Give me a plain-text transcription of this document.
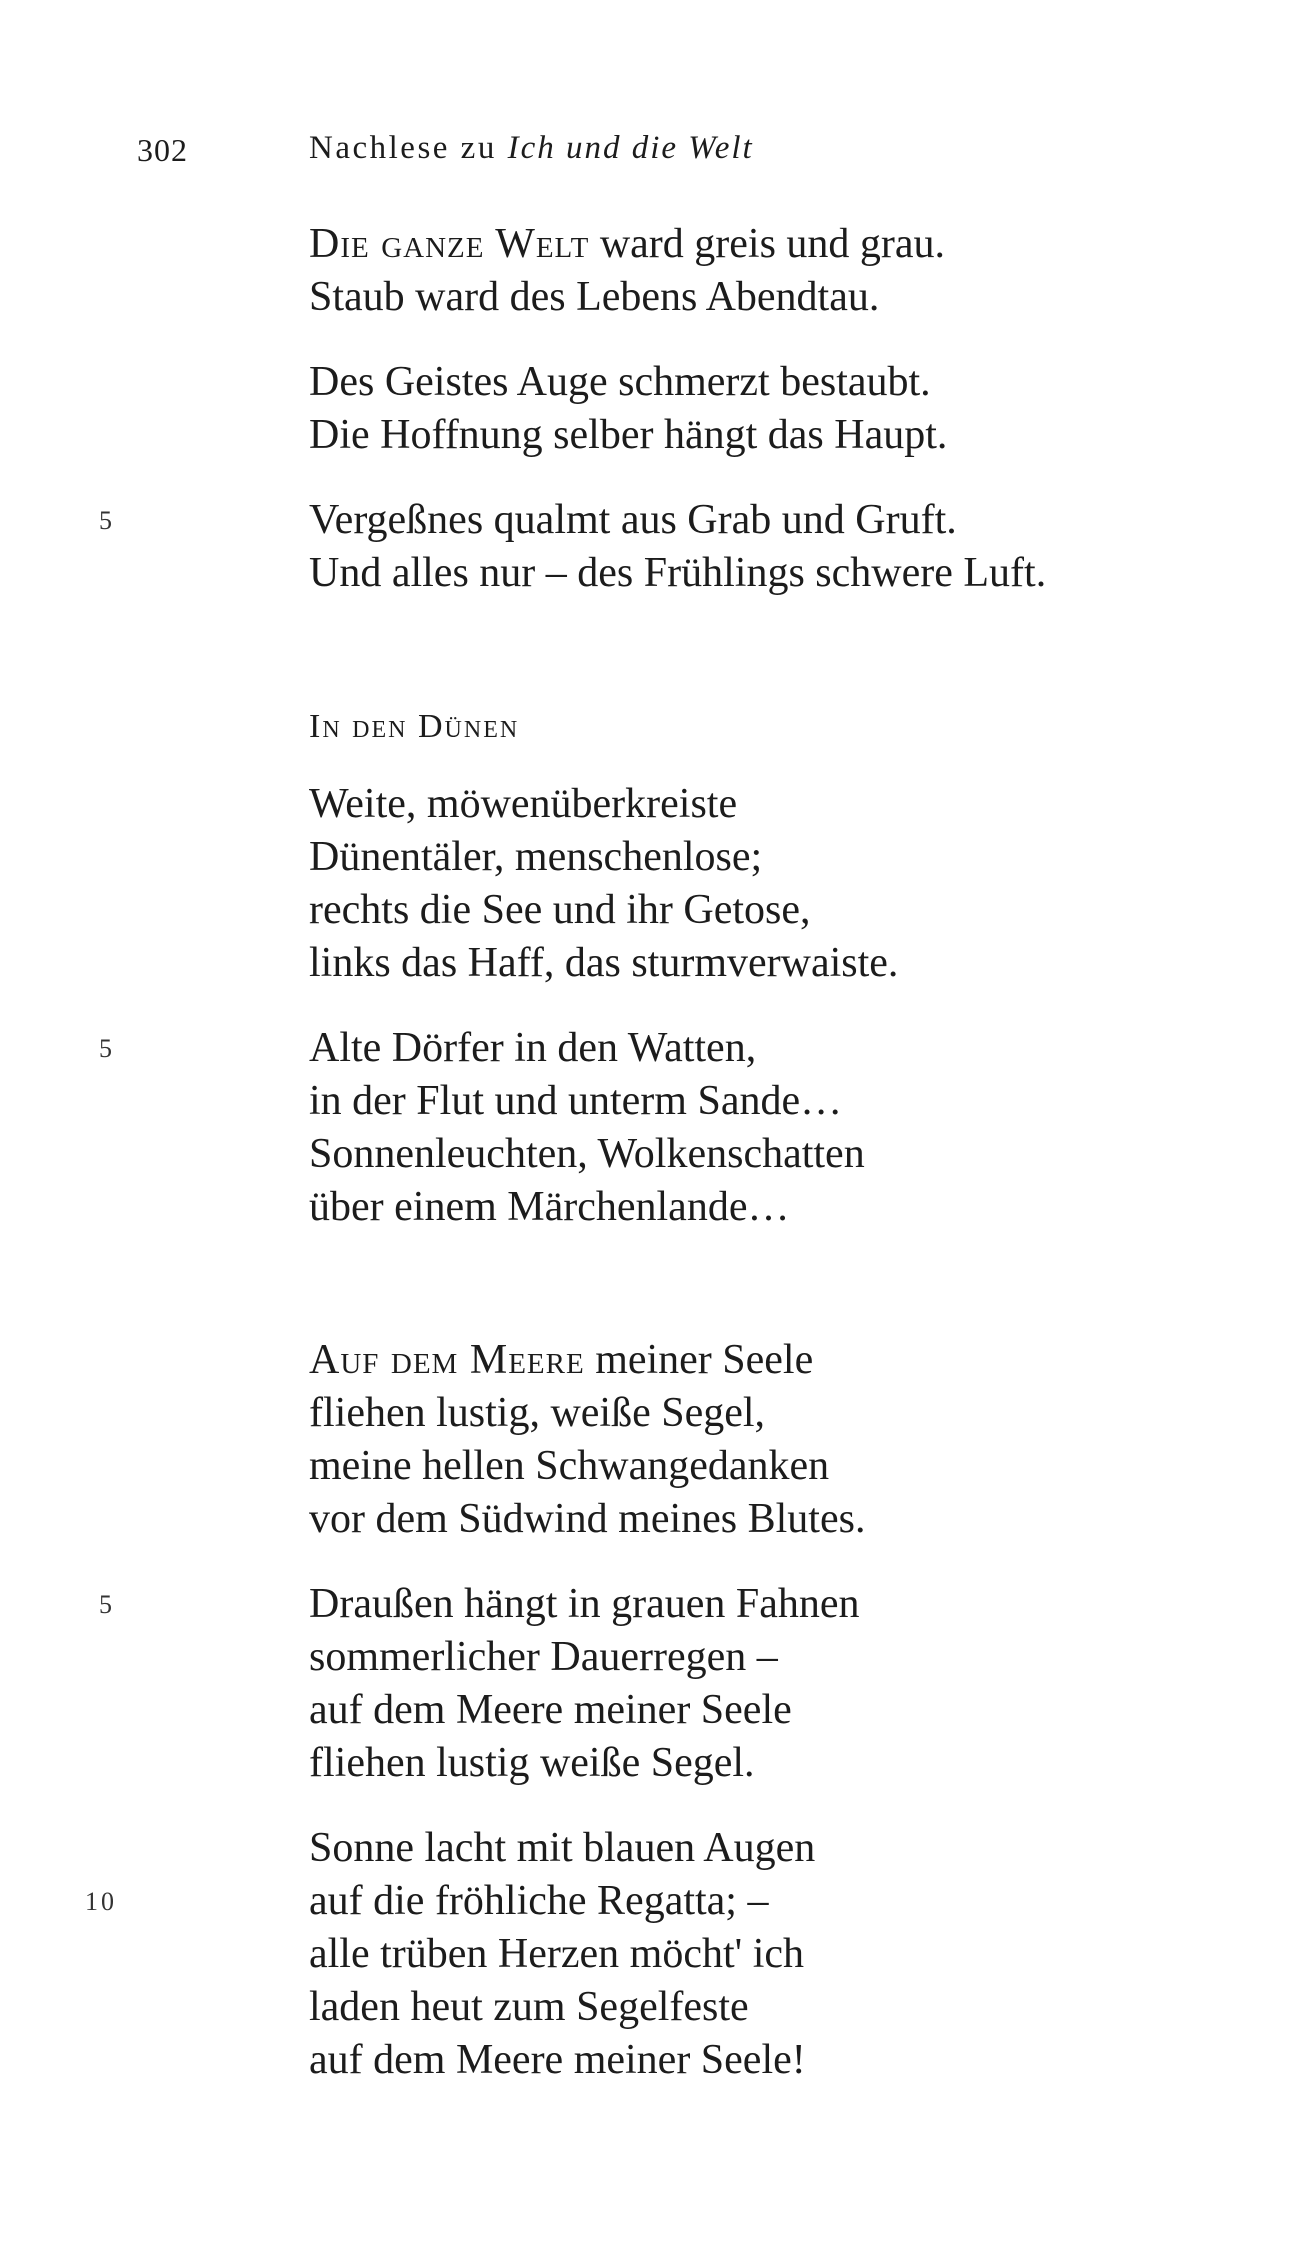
302	Nachlese zu Ich und die Welt
Die ganze Welt ward greis und grau.
Staub ward des Lebens Abendtau.
Des Geistes Auge schmerzt bestaubt.
Die Hoffnung selber hängt das Haupt.
5	Vergeßnes qualmt aus Grab und Gruft.
Und alles nur – des Frühlings schwere Luft.
In den Dünen
Weite, möwenüberkreiste
Dünentäler, menschenlose;
rechts die See und ihr Getose,
links das Haff, das sturmverwaiste.
5	Alte Dörfer in den Watten,
in der Flut und unterm Sande…
Sonnenleuchten, Wolkenschatten
über einem Märchenlande…
Auf dem Meere meiner Seele
fliehen lustig, weiße Segel,
meine hellen Schwangedanken
vor dem Südwind meines Blutes.
5	Draußen hängt in grauen Fahnen
sommerlicher Dauerregen –
auf dem Meere meiner Seele
fliehen lustig weiße Segel.
Sonne lacht mit blauen Augen
10	auf die fröhliche Regatta; –
alle trüben Herzen möcht' ich
laden heut zum Segelfeste
auf dem Meere meiner Seele!
